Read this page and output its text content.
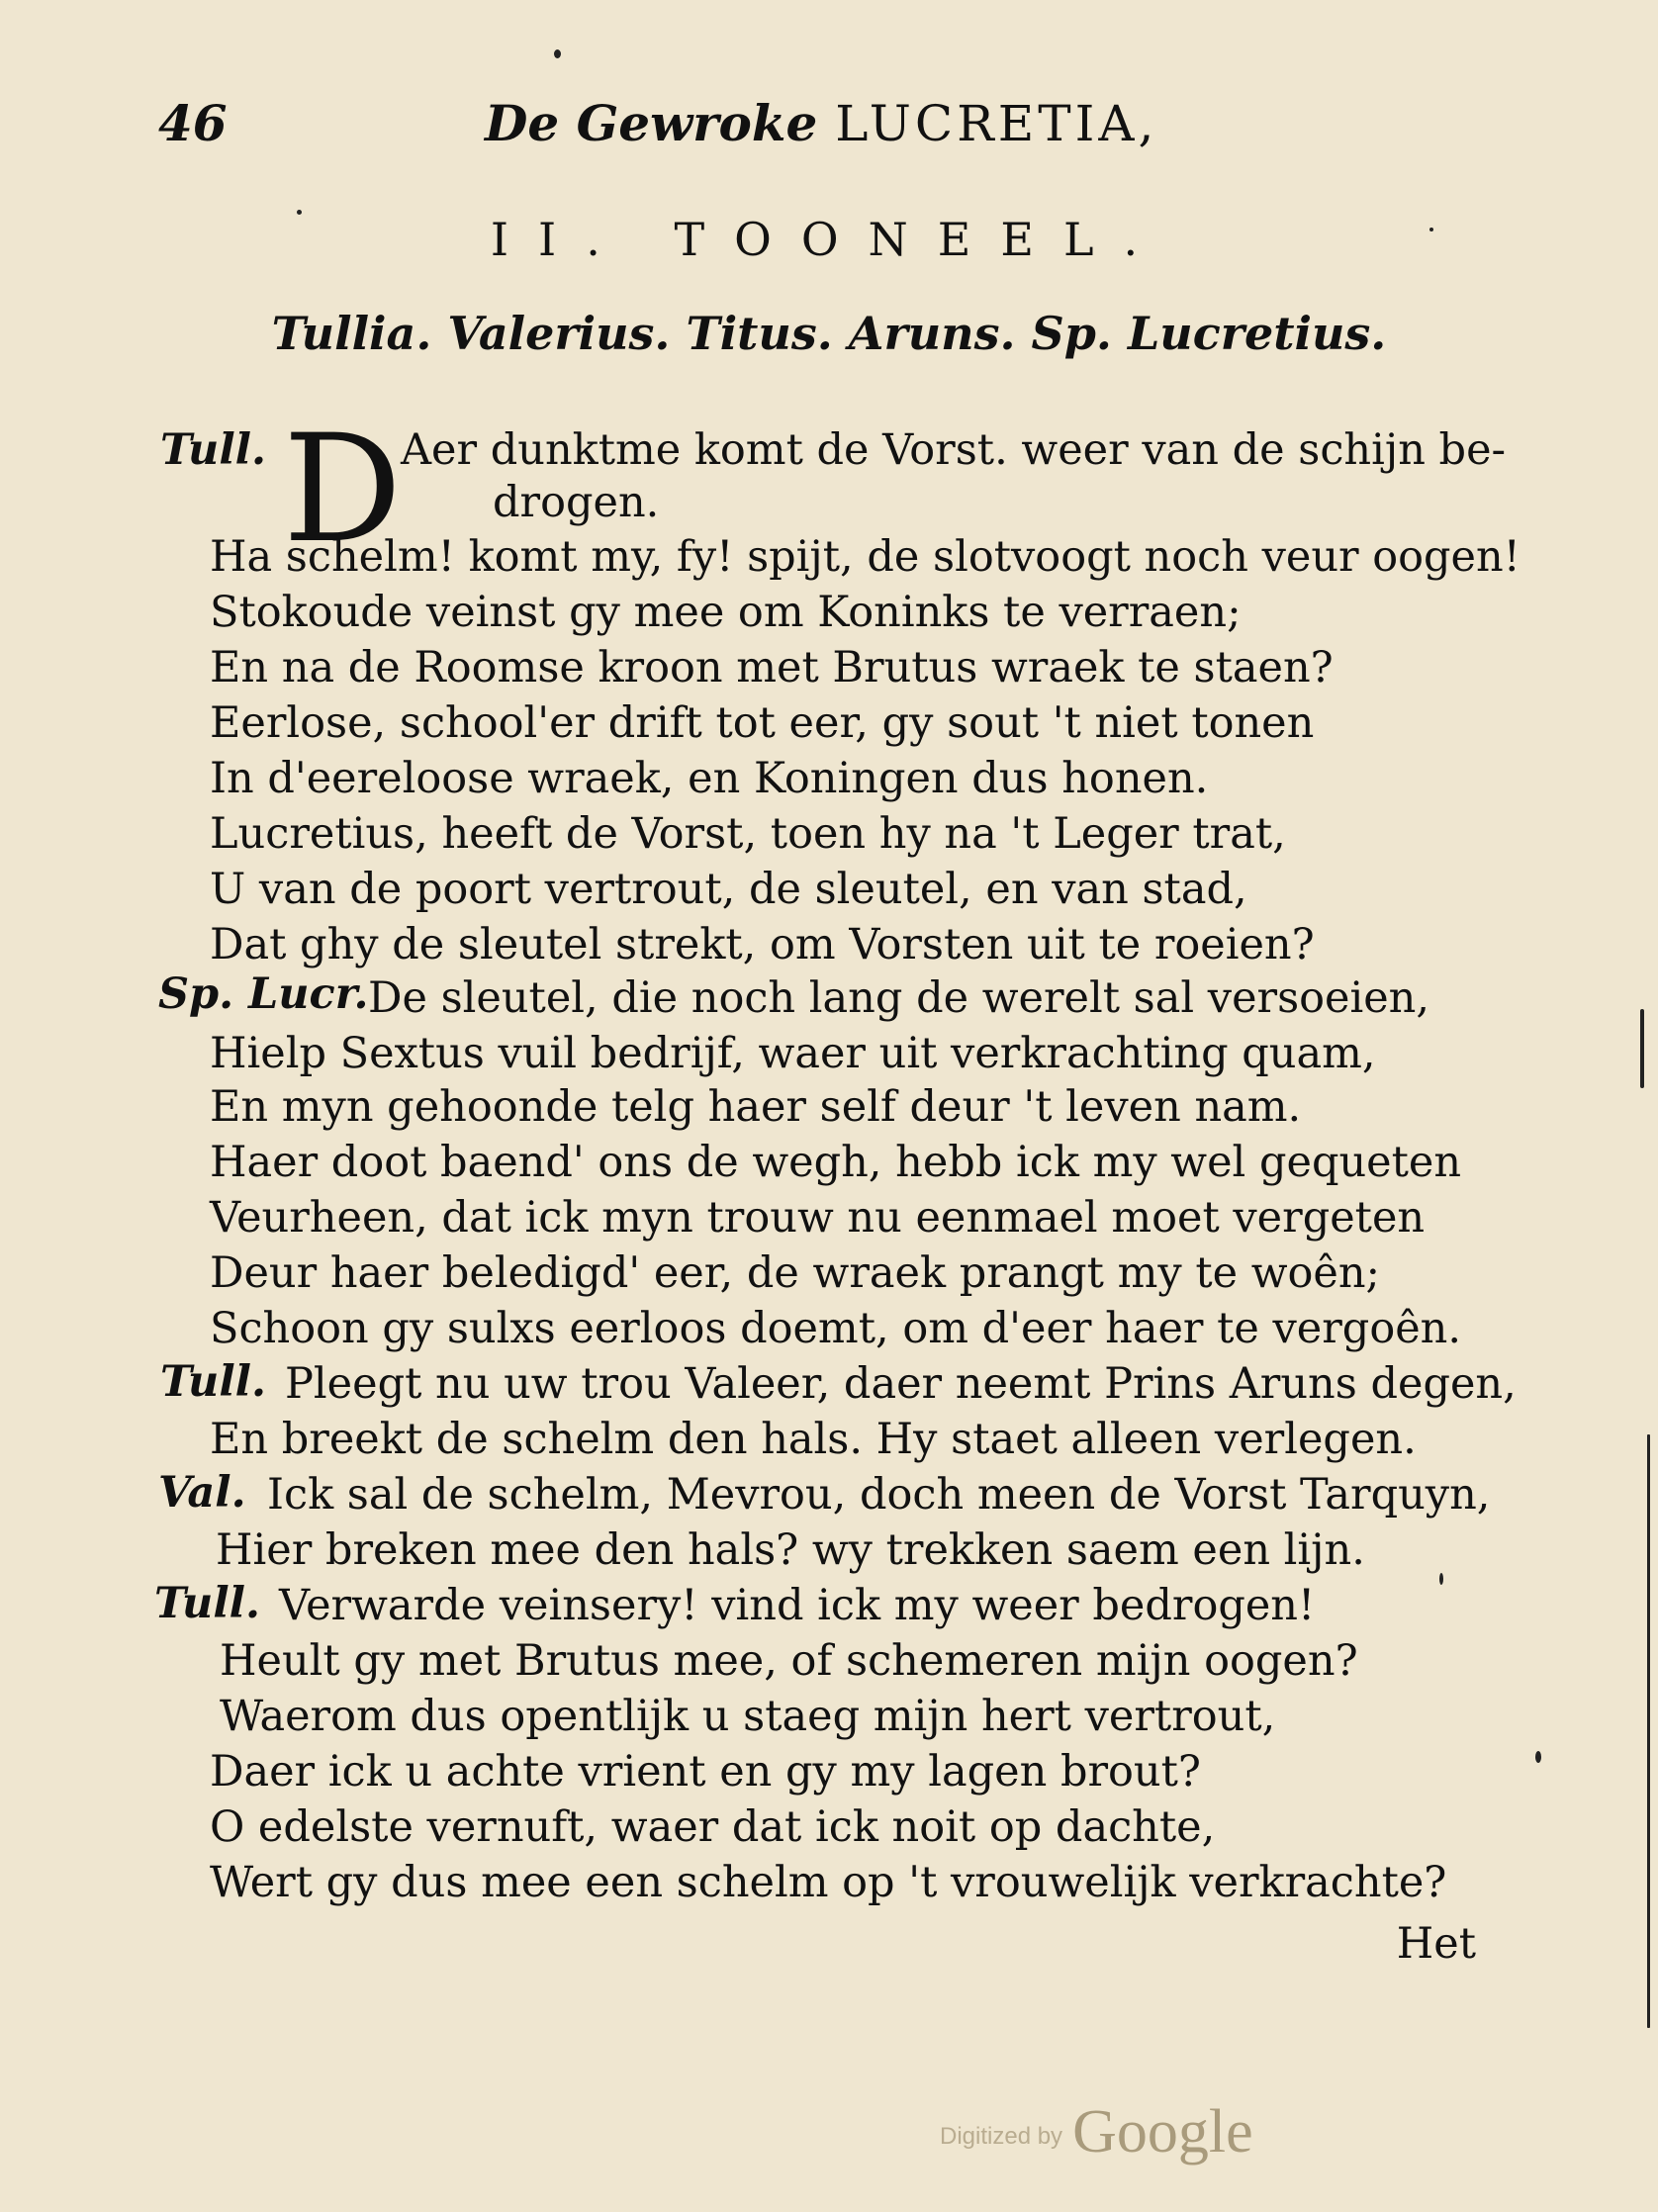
46	De Gewroke LUCRETIA,
II. TOONEEL.
Tullia. Valerius. Titus. Aruns. Sp. Lucretius.
D
Tull.
Sp. Lucr.
Tull.
Val.
Tull.
Aer dunktme komt de Vorst. weer van de schijn be-
drogen.
Ha schelm! komt my, fy! spijt, de slotvoogt noch veur oogen!
Stokoude veinst gy mee om Koninks te verraen;
En na de Roomse kroon met Brutus wraek te staen?
Eerlose, school'er drift tot eer, gy sout 't niet tonen
In d'eereloose wraek, en Koningen dus honen.
Lucretius, heeft de Vorst, toen hy na 't Leger trat,
U van de poort vertrout, de sleutel, en van stad,
Dat ghy de sleutel strekt, om Vorsten uit te roeien?
De sleutel, die noch lang de werelt sal versoeien,
Hielp Sextus vuil bedrijf, waer uit verkrachting quam,
En myn gehoonde telg haer self deur 't leven nam.
Haer doot baend' ons de wegh, hebb ick my wel gequeten
Veurheen, dat ick myn trouw nu eenmael moet vergeten
Deur haer beledigd' eer, de wraek prangt my te woên;
Schoon gy sulxs eerloos doemt, om d'eer haer te vergoên.
Pleegt nu uw trou Valeer, daer neemt Prins Aruns degen,
En breekt de schelm den hals. Hy staet alleen verlegen.
Ick sal de schelm, Mevrou, doch meen de Vorst Tarquyn,
Hier breken mee den hals? wy trekken saem een lijn.
Verwarde veinsery! vind ick my weer bedrogen!
Heult gy met Brutus mee, of schemeren mijn oogen?
Waerom dus opentlijk u staeg mijn hert vertrout,
Daer ick u achte vrient en gy my lagen brout?
O edelste vernuft, waer dat ick noit op dachte,
Wert gy dus mee een schelm op 't vrouwelijk verkrachte?
Het
Digitized by Google
